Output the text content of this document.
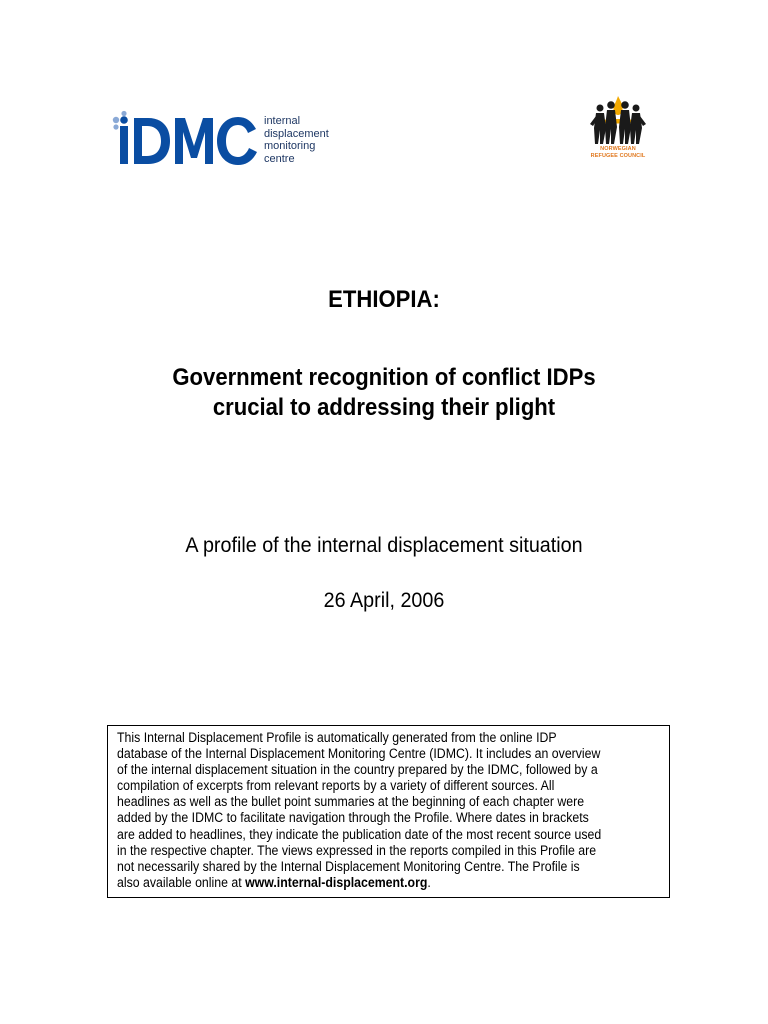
internal
displacement
monitoring
centre
NORWEGIAN
REFUGEE COUNCIL
ETHIOPIA:
Government recognition of conflict IDPs
crucial to addressing their plight
A profile of the internal displacement situation
26 April, 2006
This Internal Displacement Profile is automatically generated from the online IDP
database of the Internal Displacement Monitoring Centre (IDMC). It includes an overview
of the internal displacement situation in the country prepared by the IDMC, followed by a
compilation of excerpts from relevant reports by a variety of different sources. All
headlines as well as the bullet point summaries at the beginning of each chapter were
added by the IDMC to facilitate navigation through the Profile. Where dates in brackets
are added to headlines, they indicate the publication date of the most recent source used
in the respective chapter. The views expressed in the reports compiled in this Profile are
not necessarily shared by the Internal Displacement Monitoring Centre. The Profile is
also available online at www.internal-displacement.org.
